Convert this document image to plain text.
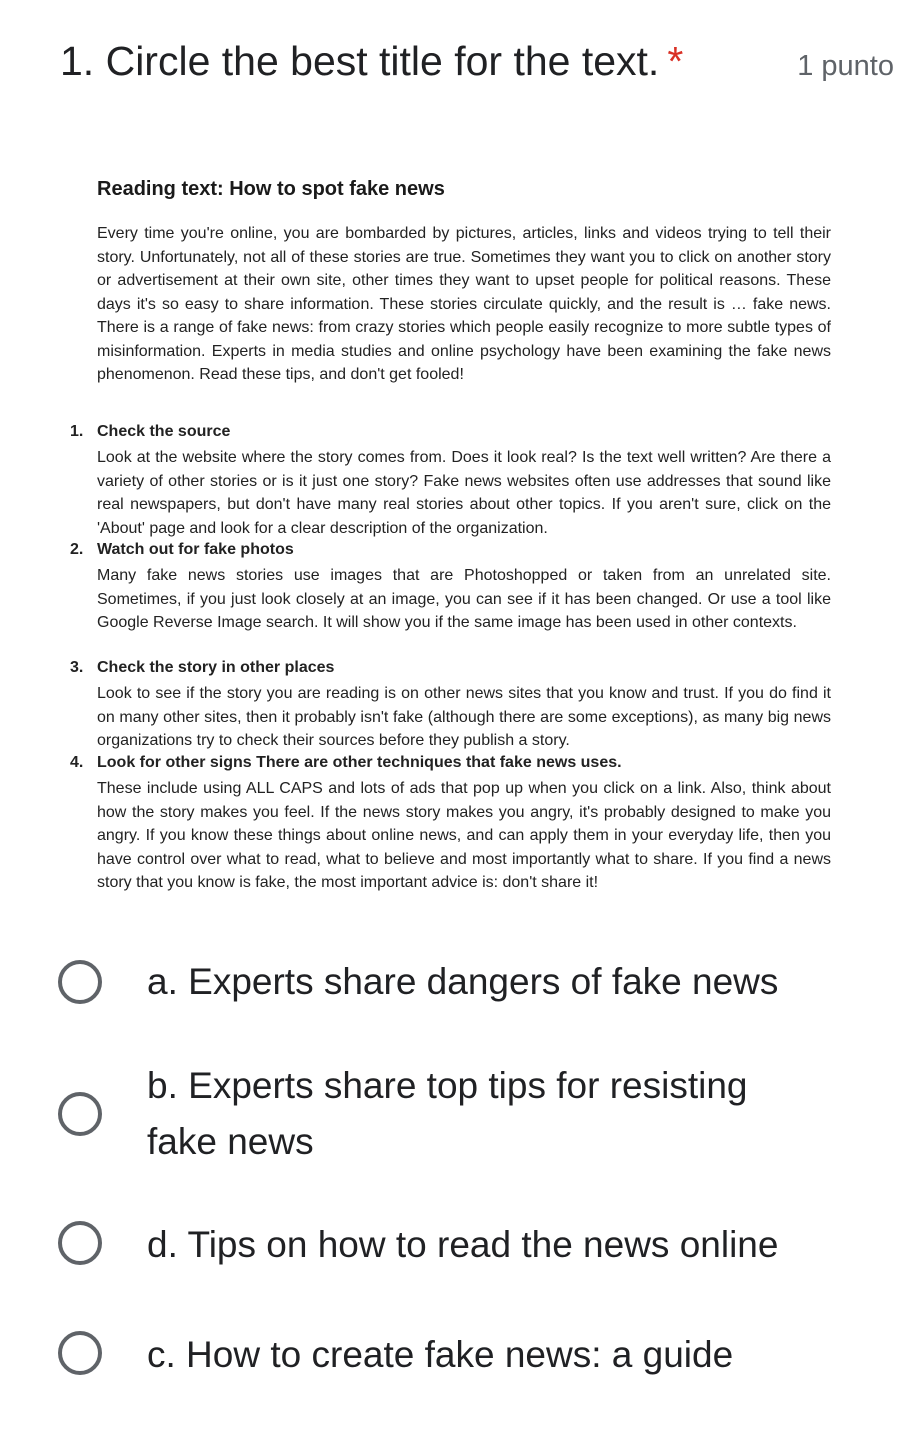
1. Circle the best title for the text. *	1 punto
Reading text: How to spot fake news
Every time you're online, you are bombarded by pictures, articles, links and videos trying to tell their story. Unfortunately, not all of these stories are true. Sometimes they want you to click on another story or advertisement at their own site, other times they want to upset people for political reasons. These days it's so easy to share information. These stories circulate quickly, and the result is … fake news. There is a range of fake news: from crazy stories which people easily recognize to more subtle types of misinformation. Experts in media studies and online psychology have been examining the fake news phenomenon. Read these tips, and don't get fooled!
1. Check the source
Look at the website where the story comes from. Does it look real? Is the text well written? Are there a variety of other stories or is it just one story? Fake news websites often use addresses that sound like real newspapers, but don't have many real stories about other topics. If you aren't sure, click on the 'About' page and look for a clear description of the organization.
2. Watch out for fake photos
Many fake news stories use images that are Photoshopped or taken from an unrelated site. Sometimes, if you just look closely at an image, you can see if it has been changed. Or use a tool like Google Reverse Image search. It will show you if the same image has been used in other contexts.
3. Check the story in other places
Look to see if the story you are reading is on other news sites that you know and trust. If you do find it on many other sites, then it probably isn't fake (although there are some exceptions), as many big news organizations try to check their sources before they publish a story.
4. Look for other signs There are other techniques that fake news uses.
These include using ALL CAPS and lots of ads that pop up when you click on a link. Also, think about how the story makes you feel. If the news story makes you angry, it's probably designed to make you angry. If you know these things about online news, and can apply them in your everyday life, then you have control over what to read, what to believe and most importantly what to share. If you find a news story that you know is fake, the most important advice is: don't share it!
a. Experts share dangers of fake news
b. Experts share top tips for resisting fake news
d. Tips on how to read the news online
c. How to create fake news: a guide
